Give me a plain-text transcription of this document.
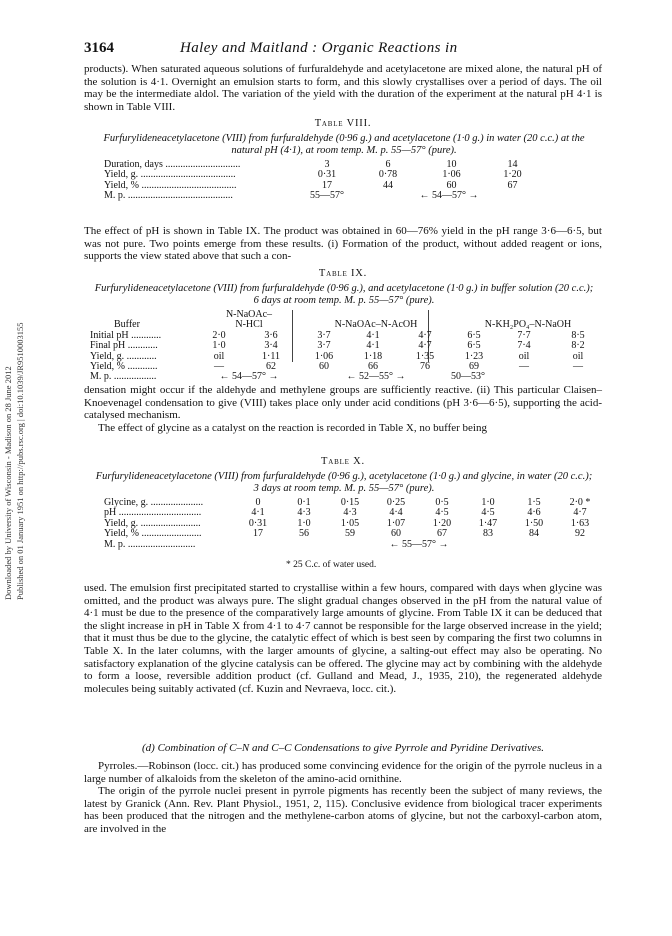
Downloaded by University of Wisconsin - Madison on 28 June 2012 Published on 01 January 1951 on http://pubs.rsc.org | doi:10.1039/JR9510003155
3164	Haley and Maitland : Organic Reactions in

products). When saturated aqueous solutions of furfuraldehyde and acetylacetone are mixed alone, the natural pH of the solution is 4·1. Overnight an emulsion starts to form, and this slowly crystallises over a period of days. The oil may be the intermediate aldol. The variation of the yield with the duration of the experiment at the natural pH 4·1 is shown in Table VIII.

Table VIII.
Furfurylideneacetylacetone (VIII) from furfuraldehyde (0·96 g.) and acetylacetone (1·0 g.) in water (20 c.c.) at the natural pH (4·1), at room temp. M. p. 55—57° (pure).
Duration, days ..............................	3	6	10	14
Yield, g. ......................................	0·31	0·78	1·06	1·20
Yield, % ......................................	17	44	60	67
M. p. ..........................................	55—57°	← 54—57° →		

The effect of pH is shown in Table IX. The product was obtained in 60—76% yield in the pH range 3·6—6·5, but was not pure. Two points emerge from these results. (i) Formation of the product, without added reagent or ions, supports the view stated above that such a con-

Table IX.
Furfurylideneacetylacetone (VIII) from furfuraldehyde (0·96 g.), and acetylacetone (1·0 g.) in buffer solution (20 c.c.); 6 days at room temp. M. p. 55—57° (pure).
	N-NaOAc–							
Buffer	N-HCl		N-NaOAc–N-AcOH			N-KH₂PO₄–N-NaOH		
Initial pH ............	2·0	3·6	3·7	4·1	4·7	6·5	7·7	8·5
Final pH ............	1·0	3·4	3·7	4·1	4·7	6·5	7·4	8·2
Yield, g. ............	oil	1·11	1·06	1·18	1·35	1·23	oil	oil
Yield, % ............	—	62	60	66	76	69	—	—
M. p. .................	← 54—57° →		← 52—55° →			50—53°		

densation might occur if the aldehyde and methylene groups are sufficiently reactive. (ii) This particular Claisen–Knoevenagel condensation to give (VIII) takes place only under acid conditions (pH 3·6—6·5), supporting the acid-catalysed mechanism.

The effect of glycine as a catalyst on the reaction is recorded in Table X, no buffer being

Table X.
Furfurylideneacetylacetone (VIII) from furfuraldehyde (0·96 g.), acetylacetone (1·0 g.) and glycine, in water (20 c.c.); 3 days at room temp. M. p. 55—57° (pure).
Glycine, g. .....................	0	0·1	0·15	0·25	0·5	1·0	1·5	2·0 *
pH .................................	4·1	4·3	4·3	4·4	4·5	4·5	4·6	4·7
Yield, g. ........................	0·31	1·0	1·05	1·07	1·20	1·47	1·50	1·63
Yield, % ........................	17	56	59	60	67	83	84	92
M. p. ...........................	← 55—57° →							
* 25 C.c. of water used.

used. The emulsion first precipitated started to crystallise within a few hours, compared with days when glycine was omitted, and the product was always pure. The slight gradual changes observed in the pH from the natural value of 4·1 must be due to the presence of the comparatively large amounts of glycine. From Table IX it can be deduced that the slight increase in pH in Table X from 4·1 to 4·7 cannot be responsible for the large observed increase in the yield; that it must thus be due to the glycine, the catalytic effect of which is best seen by comparing the first two columns in Table X. In the later columns, with the larger amounts of glycine, a salting-out effect may also be operating. No satisfactory explanation of the glycine catalysis can be offered. The glycine may act by combining with the aldehyde to form a loose, reversible addition product (cf. Gulland and Mead, J., 1935, 210), the regenerated aldehyde molecules being suitably activated (cf. Kuzin and Nevraeva, locc. cit.).

(d) Combination of C–N and C–C Condensations to give Pyrrole and Pyridine Derivatives.

Pyrroles.—Robinson (locc. cit.) has produced some convincing evidence for the origin of the pyrrole nucleus in a large number of alkaloids from the skeleton of the amino-acid ornithine.

The origin of the pyrrole nuclei present in pyrrole pigments has recently been the subject of many reviews, the latest by Granick (Ann. Rev. Plant Physiol., 1951, 2, 115). Conclusive evidence from biological tracer experiments has been produced that the nitrogen and the methylene-carbon atoms of glycine, but not the carboxyl-carbon atom, are involved in the
